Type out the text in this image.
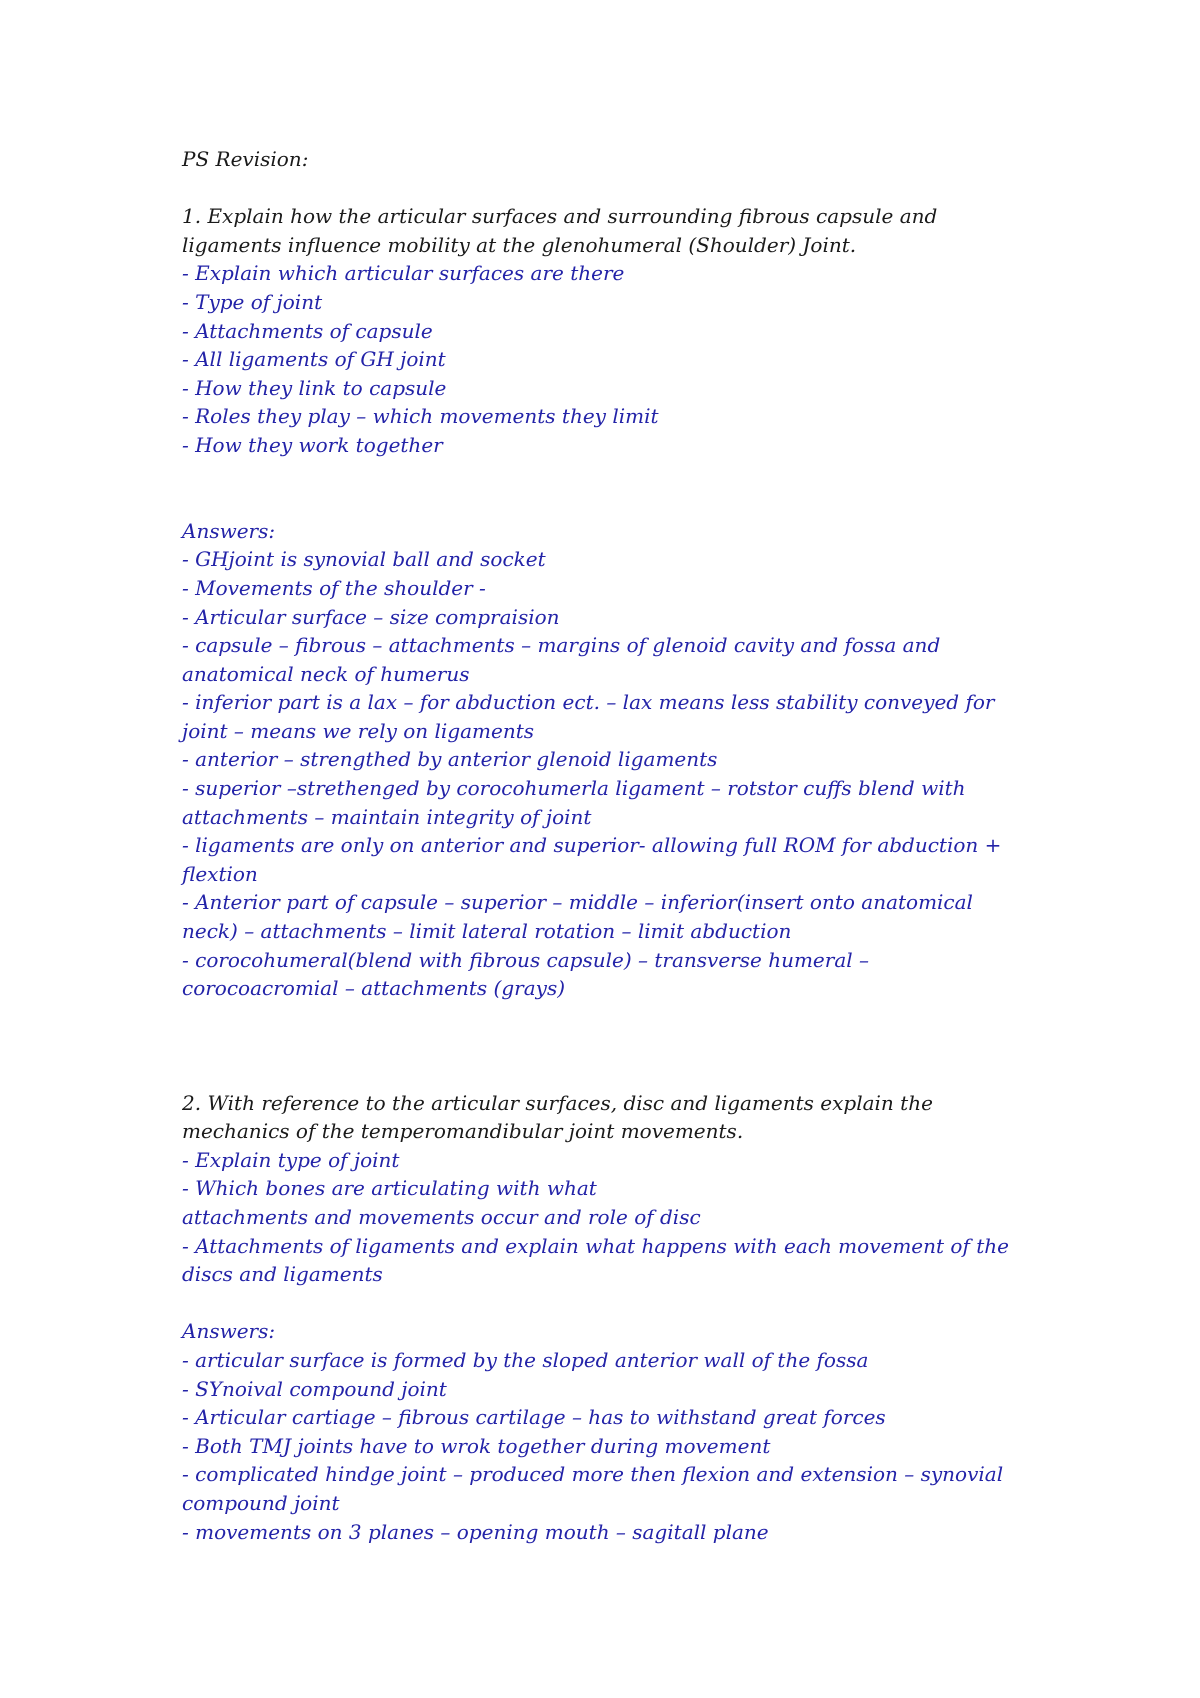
PS Revision:
1. Explain how the articular surfaces and surrounding fibrous capsule and
ligaments influence mobility at the glenohumeral (Shoulder) Joint.
- Explain which articular surfaces are there
- Type of joint
- Attachments of capsule
- All ligaments of GH joint
- How they link to capsule
- Roles they play – which movements they limit
- How they work together
Answers:
- GHjoint is synovial ball and socket
- Movements of the shoulder -
- Articular surface – size compraision
- capsule – fibrous – attachments – margins of glenoid cavity and fossa and
anatomical neck of humerus
- inferior part is a lax – for abduction ect. – lax means less stability conveyed for
joint – means we rely on ligaments
- anterior – strengthed by anterior glenoid ligaments
- superior –strethenged by corocohumerla ligament – rotstor cuffs blend with
attachments – maintain integrity of joint
- ligaments are only on anterior and superior- allowing full ROM for abduction +
flextion
- Anterior part of capsule – superior – middle – inferior(insert onto anatomical
neck) – attachments – limit lateral rotation – limit abduction
- corocohumeral(blend with fibrous capsule) – transverse humeral –
corocoacromial – attachments (grays)
2. With reference to the articular surfaces, disc and ligaments explain the
mechanics of the temperomandibular joint movements.
- Explain type of joint
- Which bones are articulating with what
attachments and movements occur and role of disc
- Attachments of ligaments and explain what happens with each movement of the
discs and ligaments
Answers:
- articular surface is formed by the sloped anterior wall of the fossa
- SYnoival compound joint
- Articular cartiage – fibrous cartilage – has to withstand great forces
- Both TMJ joints have to wrok together during movement
- complicated hindge joint – produced more then flexion and extension – synovial
compound joint
- movements on 3 planes – opening mouth – sagitall plane
